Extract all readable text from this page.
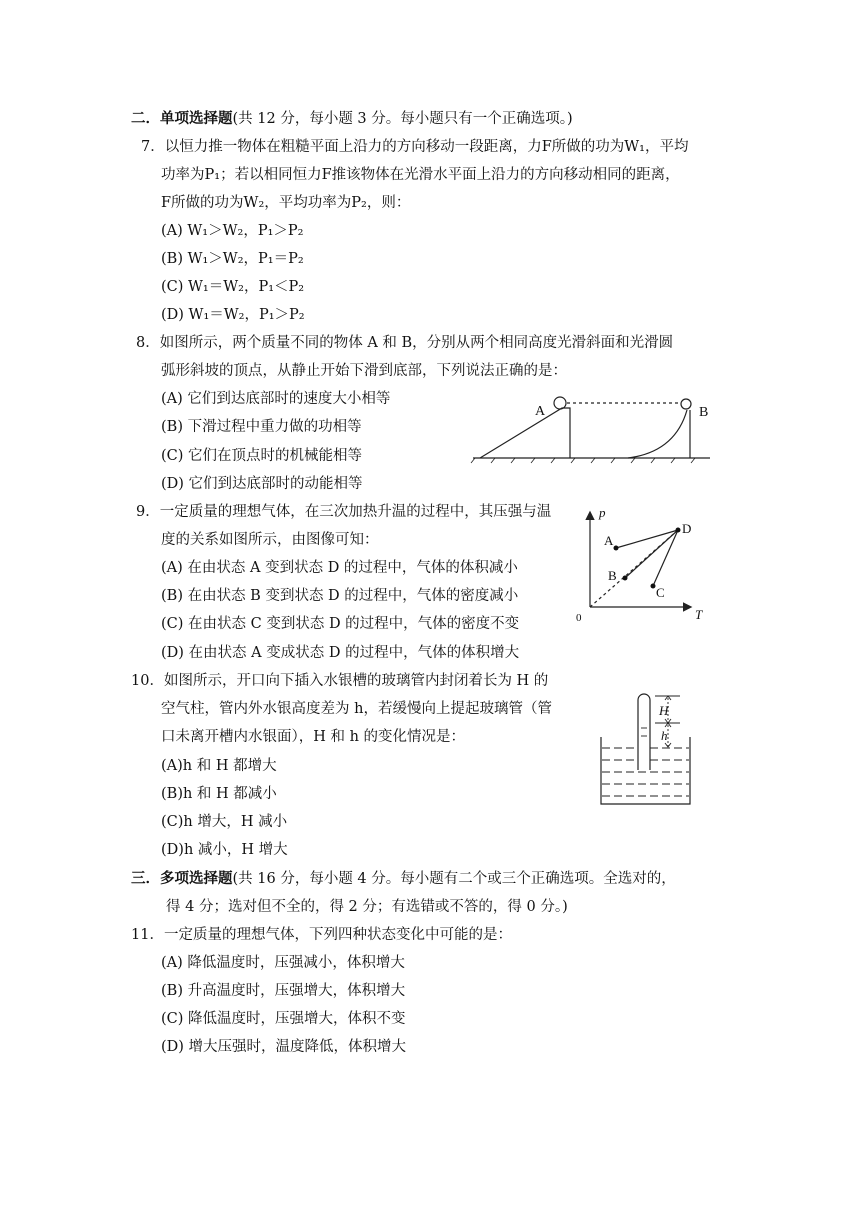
二．单项选择题(共 12 分，每小题 3 分。每小题只有一个正确选项。)
7．以恒力推一物体在粗糙平面上沿力的方向移动一段距离，力F所做的功为W₁，平均
功率为P₁；若以相同恒力F推该物体在光滑水平面上沿力的方向移动相同的距离，
F所做的功为W₂，平均功率为P₂，则：
(A) W₁＞W₂，P₁＞P₂
(B) W₁＞W₂，P₁＝P₂
(C) W₁＝W₂，P₁＜P₂
(D) W₁＝W₂，P₁＞P₂
8．如图所示，两个质量不同的物体 A 和 B，分别从两个相同高度光滑斜面和光滑圆
弧形斜坡的顶点，从静止开始下滑到底部，下列说法正确的是：
(A) 它们到达底部时的速度大小相等
(B) 下滑过程中重力做的功相等
(C) 它们在顶点时的机械能相等
(D) 它们到达底部时的动能相等
A	B
9．一定质量的理想气体，在三次加热升温的过程中，其压强与温
度的关系如图所示，由图像可知：
(A) 在由状态 A 变到状态 D 的过程中，气体的体积减小
(B) 在由状态 B 变到状态 D 的过程中，气体的密度减小
(C) 在由状态 C 变到状态 D 的过程中，气体的密度不变
(D) 在由状态 A 变成状态 D 的过程中，气体的体积增大
p
T
0
A
B
C
D
10．如图所示，开口向下插入水银槽的玻璃管内封闭着长为 H 的
空气柱，管内外水银高度差为 h，若缓慢向上提起玻璃管（管
口未离开槽内水银面），H 和 h 的变化情况是：
(A)h 和 H 都增大
(B)h 和 H 都减小
(C)h 增大，H 减小
(D)h 减小，H 增大
H
h
三．多项选择题(共 16 分，每小题 4 分。每小题有二个或三个正确选项。全选对的，
得 4 分；选对但不全的，得 2 分；有选错或不答的，得 0 分。)
11．一定质量的理想气体，下列四种状态变化中可能的是：
(A) 降低温度时，压强减小，体积增大
(B) 升高温度时，压强增大，体积增大
(C) 降低温度时，压强增大，体积不变
(D) 增大压强时，温度降低，体积增大
